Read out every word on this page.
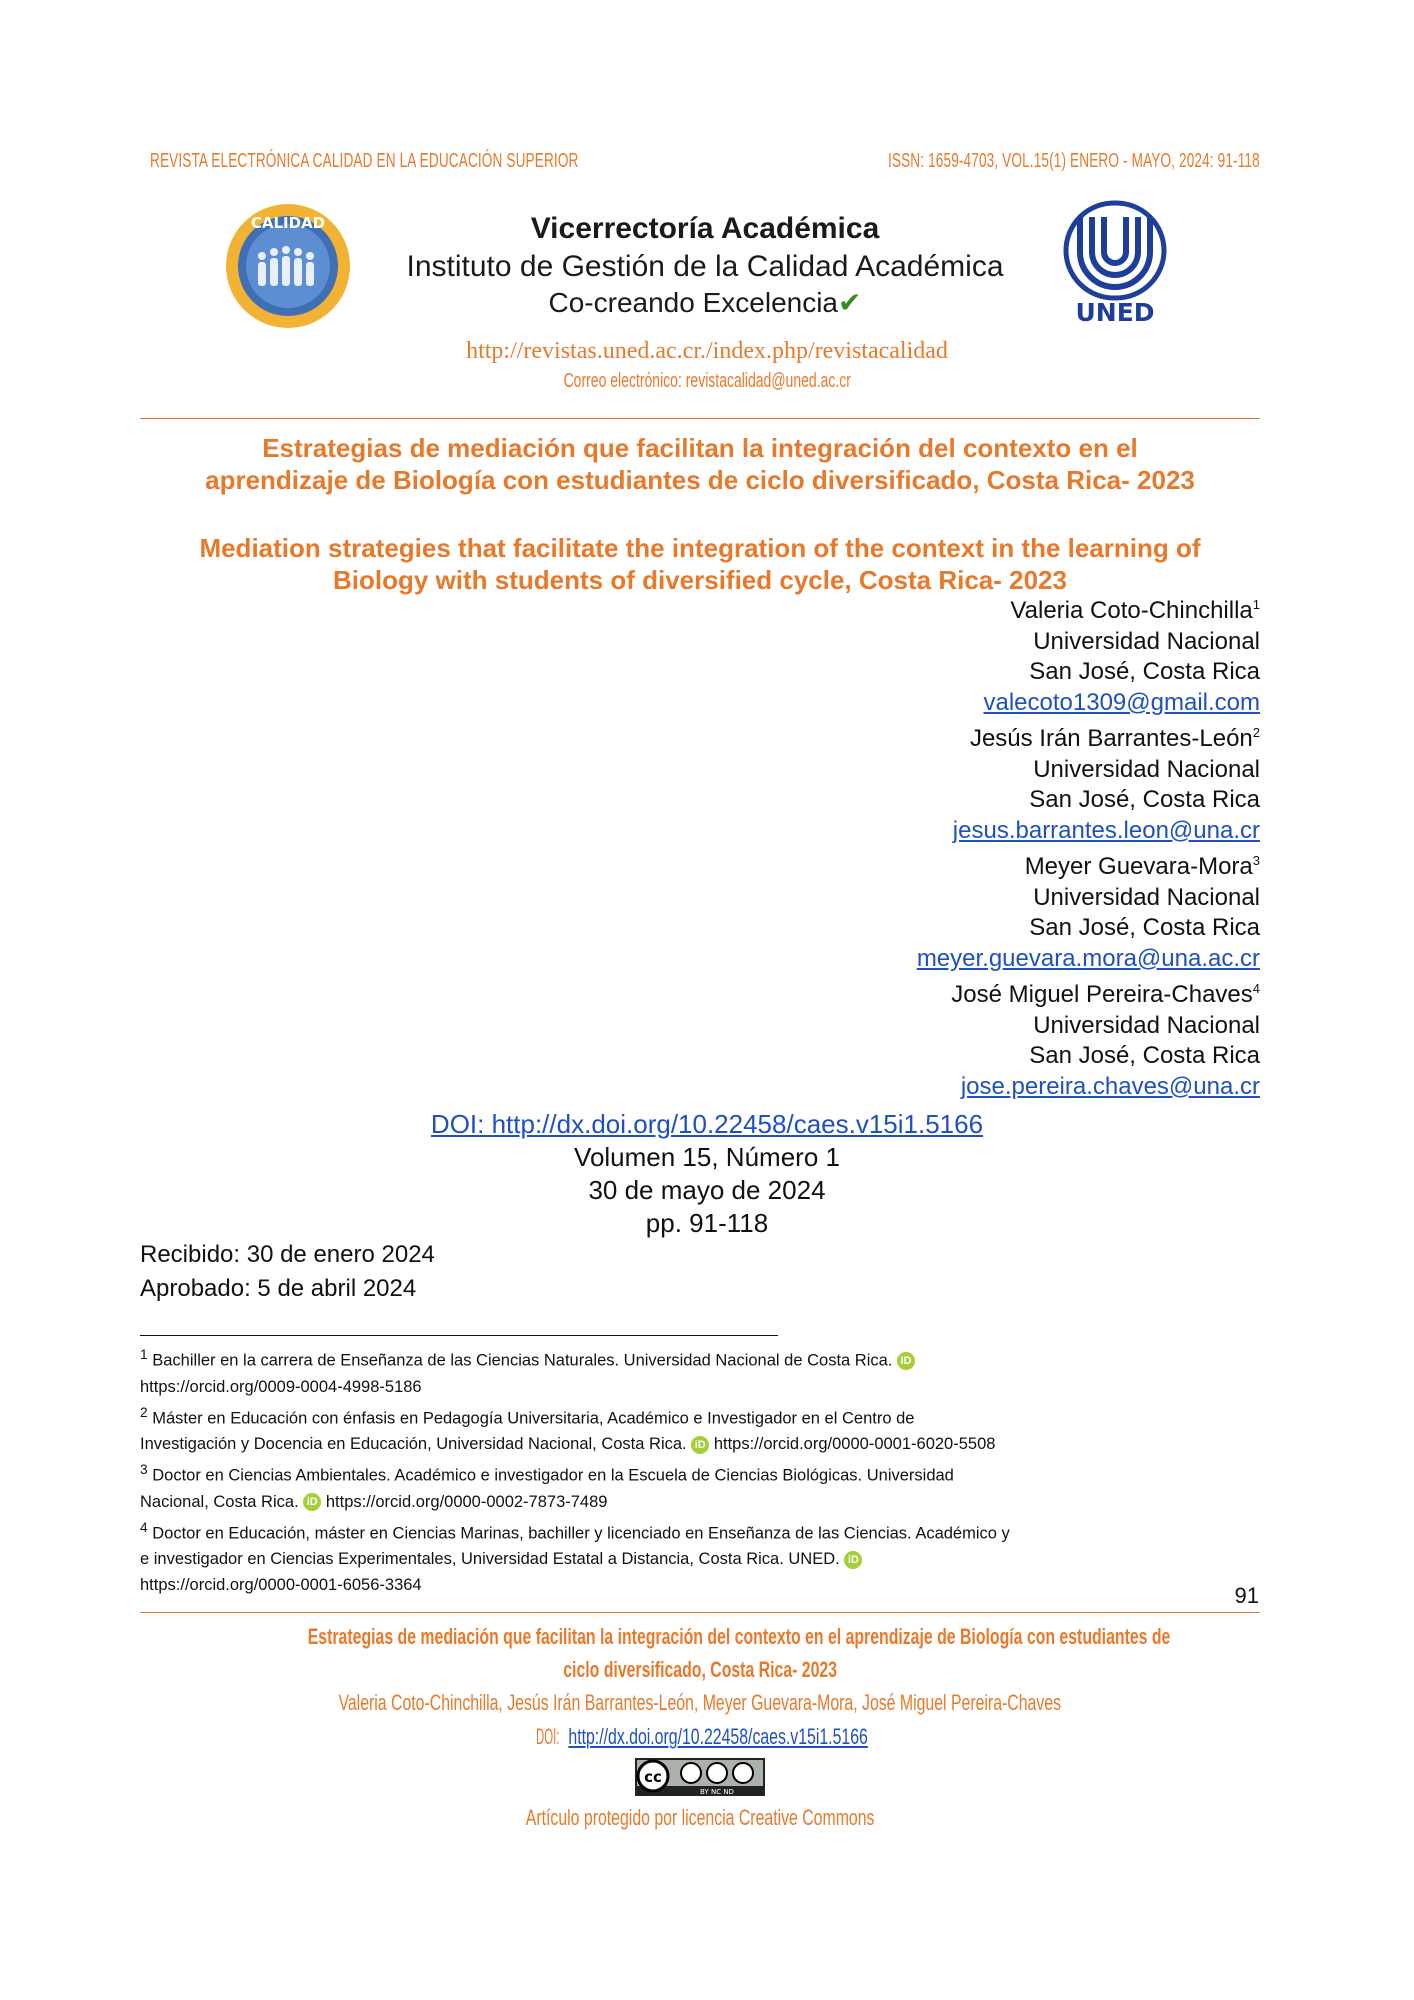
REVISTA ELECTRÓNICA CALIDAD EN LA EDUCACIÓN SUPERIOR	ISSN: 1659-4703, VOL.15(1) ENERO - MAYO, 2024: 91-118
CALIDAD	Vicerrectoría Académica
Instituto de Gestión de la Calidad Académica
Co-creando Excelencia✔	UNED
http://revistas.uned.ac.cr./index.php/revistacalidad
Correo electrónico: revistacalidad@uned.ac.cr
Estrategias de mediación que facilitan la integración del contexto en el
aprendizaje de Biología con estudiantes de ciclo diversificado, Costa Rica- 2023
Mediation strategies that facilitate the integration of the context in the learning of
Biology with students of diversified cycle, Costa Rica- 2023
Valeria Coto-Chinchilla$^1$
Universidad Nacional
San José, Costa Rica
valecoto1309@gmail.com
Jesús Irán Barrantes-León$^2$
Universidad Nacional
San José, Costa Rica
jesus.barrantes.leon@una.cr
Meyer Guevara-Mora$^3$
Universidad Nacional
San José, Costa Rica
meyer.guevara.mora@una.ac.cr
José Miguel Pereira-Chaves$^4$
Universidad Nacional
San José, Costa Rica
jose.pereira.chaves@una.cr
DOI: http://dx.doi.org/10.22458/caes.v15i1.5166
Volumen 15, Número 1
30 de mayo de 2024
pp. 91-118
Recibido: 30 de enero 2024
Aprobado: 5 de abril 2024
$^1$ Bachiller en la carrera de Enseñanza de las Ciencias Naturales. Universidad Nacional de Costa Rica. iD
https://orcid.org/0009-0004-4998-5186
$^2$ Máster en Educación con énfasis en Pedagogía Universitaria, Académico e Investigador en el Centro de
Investigación y Docencia en Educación, Universidad Nacional, Costa Rica. iD https://orcid.org/0000-0001-6020-5508
$^3$ Doctor en Ciencias Ambientales. Académico e investigador en la Escuela de Ciencias Biológicas. Universidad
Nacional, Costa Rica. iD https://orcid.org/0000-0002-7873-7489
$^4$ Doctor en Educación, máster en Ciencias Marinas, bachiller y licenciado en Enseñanza de las Ciencias. Académico y
e investigador en Ciencias Experimentales, Universidad Estatal a Distancia, Costa Rica. UNED. iD
https://orcid.org/0000-0001-6056-3364	91
Estrategias de mediación que facilitan la integración del contexto en el aprendizaje de Biología con estudiantes de
ciclo diversificado, Costa Rica- 2023
Valeria Coto-Chinchilla, Jesús Irán Barrantes-León, Meyer Guevara-Mora, José Miguel Pereira-Chaves
DOI: http://dx.doi.org/10.22458/caes.v15i1.5166
cc
BY NC ND
Artículo protegido por licencia Creative Commons
